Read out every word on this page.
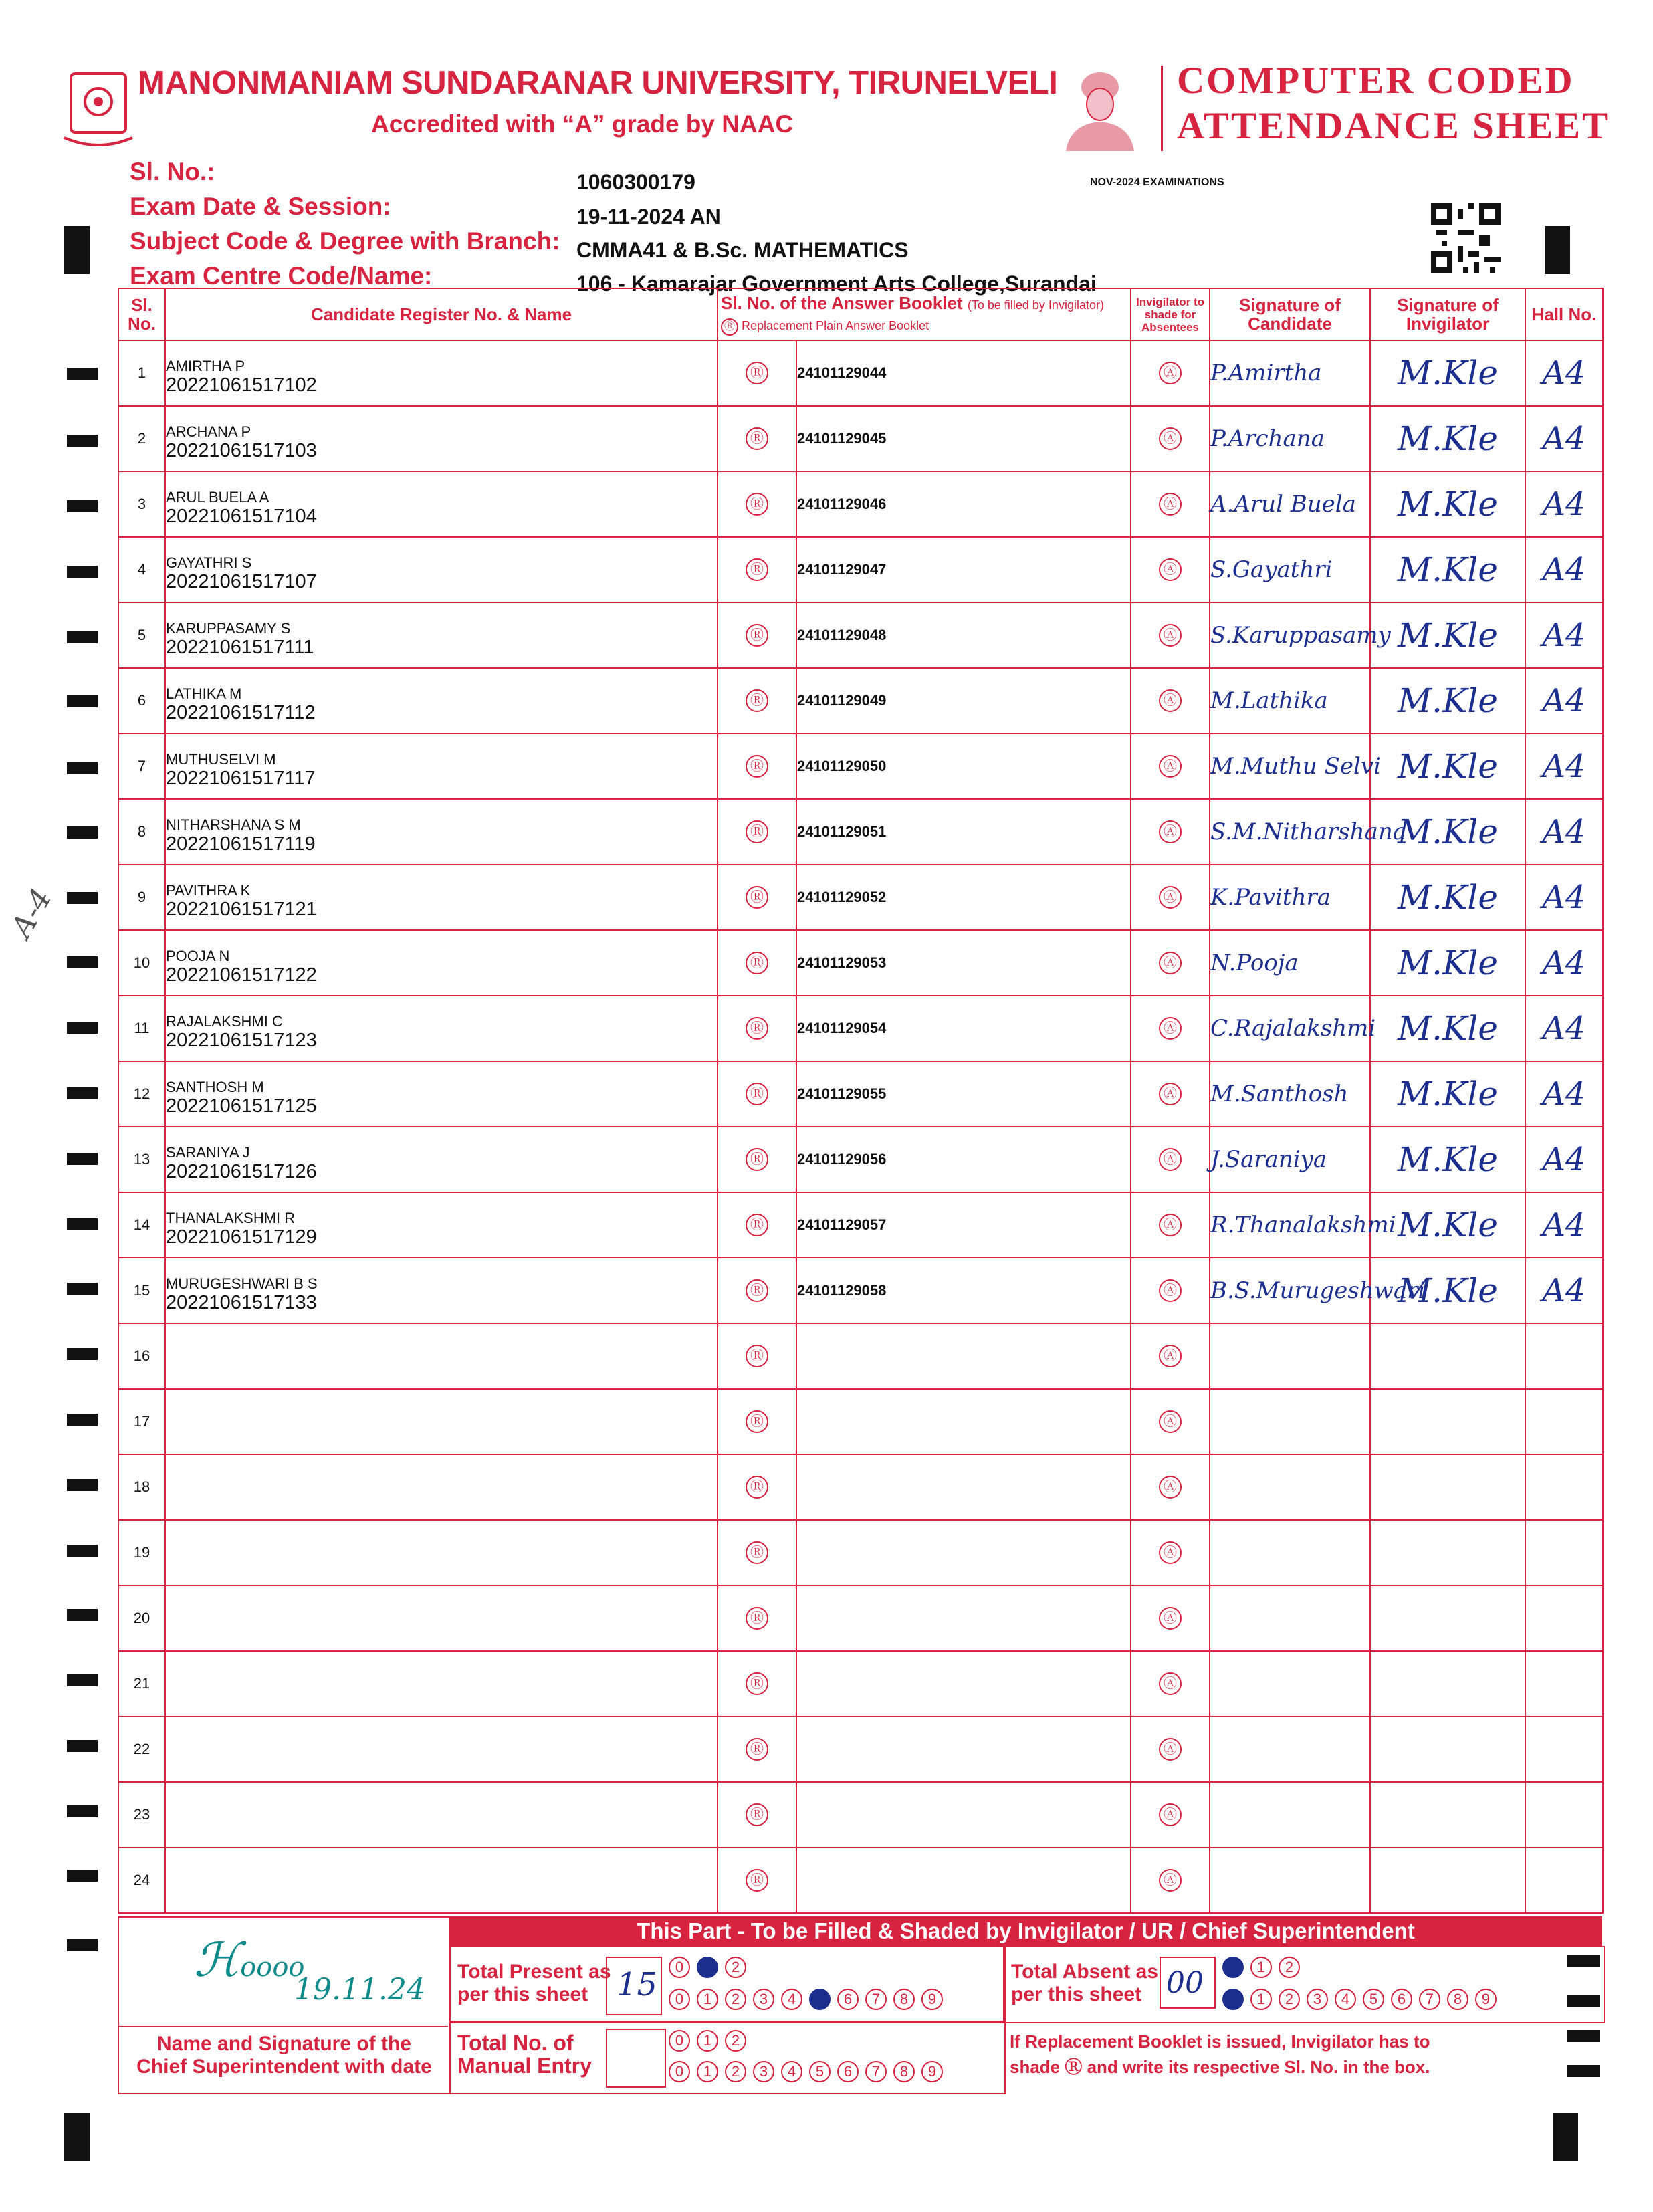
MANONMANIAM SUNDARANAR UNIVERSITY, TIRUNELVELI
Accredited with “A” grade by NAAC
COMPUTER CODED
ATTENDANCE SHEET
Sl. No.:
Exam Date & Session:
Subject Code & Degree with Branch:
Exam Centre Code/Name:
1060300179
19-11-2024 AN
CMMA41 & B.Sc. MATHEMATICS
106 - Kamarajar Government Arts College,Surandai
NOV-2024 EXAMINATIONS
A-4
Sl. No.	Candidate Register No. & Name	Sl. No. of the Answer Booklet (To be filled by Invigilator)
Ⓡ Replacement Plain Answer Booklet		Invigilator to shade for Absentees	Signature of Candidate	Signature of Invigilator	Hall No.
1	AMIRTHA P
20221061517102	Ⓡ	24101129044	Ⓐ	P.Amirtha	M.Kle	A4

2	ARCHANA P
20221061517103	Ⓡ	24101129045	Ⓐ	P.Archana	M.Kle	A4

3	ARUL BUELA A
20221061517104	Ⓡ	24101129046	Ⓐ	A.Arul Buela	M.Kle	A4

4	GAYATHRI S
20221061517107	Ⓡ	24101129047	Ⓐ	S.Gayathri	M.Kle	A4

5	KARUPPASAMY S
20221061517111	Ⓡ	24101129048	Ⓐ	S.Karuppasamy	M.Kle	A4

6	LATHIKA M
20221061517112	Ⓡ	24101129049	Ⓐ	M.Lathika	M.Kle	A4

7	MUTHUSELVI M
20221061517117	Ⓡ	24101129050	Ⓐ	M.Muthu Selvi	M.Kle	A4

8	NITHARSHANA S M
20221061517119	Ⓡ	24101129051	Ⓐ	S.M.Nitharshana	M.Kle	A4

9	PAVITHRA K
20221061517121	Ⓡ	24101129052	Ⓐ	K.Pavithra	M.Kle	A4

10	POOJA N
20221061517122	Ⓡ	24101129053	Ⓐ	N.Pooja	M.Kle	A4

11	RAJALAKSHMI C
20221061517123	Ⓡ	24101129054	Ⓐ	C.Rajalakshmi	M.Kle	A4

12	SANTHOSH M
20221061517125	Ⓡ	24101129055	Ⓐ	M.Santhosh	M.Kle	A4

13	SARANIYA J
20221061517126	Ⓡ	24101129056	Ⓐ	J.Saraniya	M.Kle	A4

14	THANALAKSHMI R
20221061517129	Ⓡ	24101129057	Ⓐ	R.Thanalakshmi	M.Kle	A4

15	MURUGESHWARI B S
20221061517133	Ⓡ	24101129058	Ⓐ	B.S.Murugeshwari	M.Kle	A4

16		Ⓡ		Ⓐ	

17		Ⓡ		Ⓐ	

18		Ⓡ		Ⓐ	

19		Ⓡ		Ⓐ	

20		Ⓡ		Ⓐ	

21		Ⓡ		Ⓐ	

22		Ⓡ		Ⓐ	

23		Ⓡ		Ⓐ	

24		Ⓡ		Ⓐ	

This Part - To be Filled & Shaded by Invigilator / UR / Chief Superintendent
ℋoooo
19.11.24
Name and Signature of the Chief Superintendent with date
Total Present as per this sheet 15	0 1 2
0 1 2 3 4 5 6 7 8 9
Total Absent as per this sheet 00	0 1 2
0 1 2 3 4 5 6 7 8 9
Total No. of Manual Entry
0 1 2
0 1 2 3 4 5 6 7 8 9
If Replacement Booklet is issued, Invigilator has to shade Ⓡ and write its respective Sl. No. in the box.
